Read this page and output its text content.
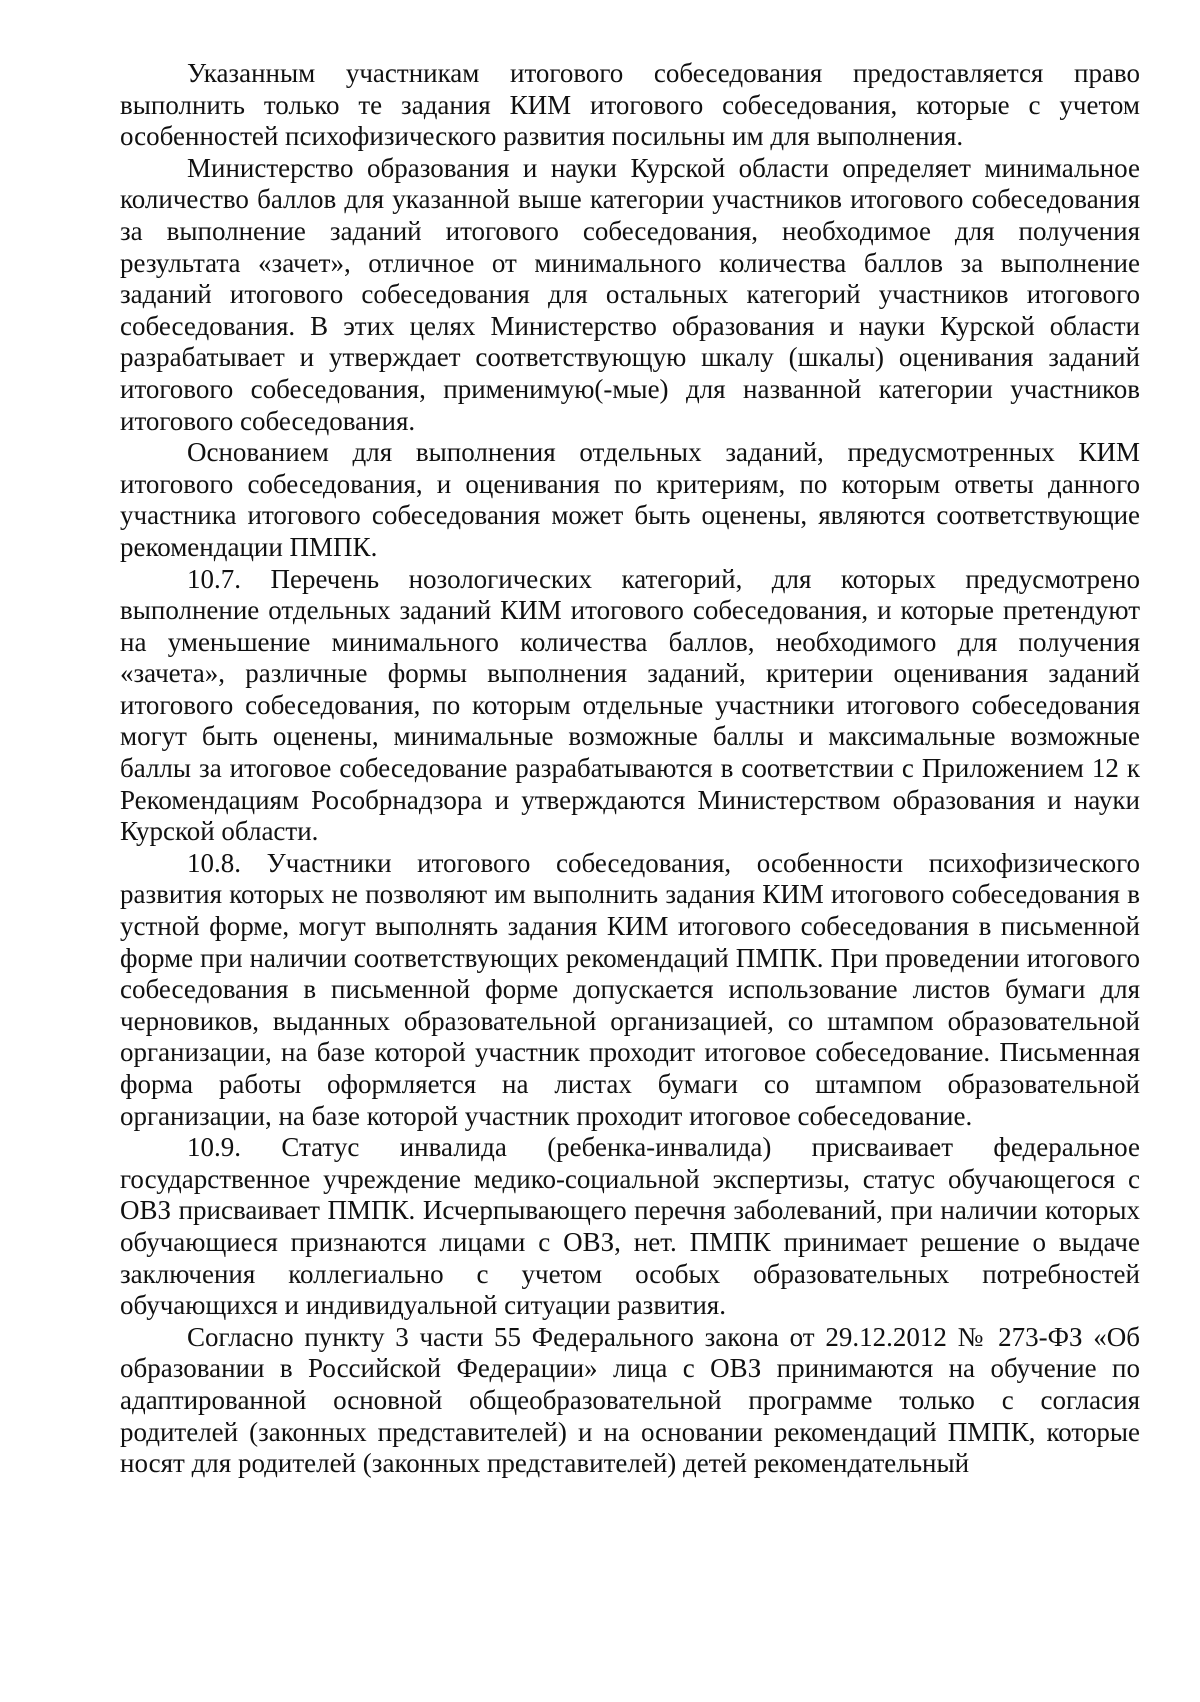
Указанным участникам итогового собеседования предоставляется право выполнить только те задания КИМ итогового собеседования, которые с учетом особенностей психофизического развития посильны им для выполнения.

Министерство образования и науки Курской области определяет минимальное количество баллов для указанной выше категории участников итогового собеседования за выполнение заданий итогового собеседования, необходимое для получения результата «зачет», отличное от минимального количества баллов за выполнение заданий итогового собеседования для остальных категорий участников итогового собеседования. В этих целях Министерство образования и науки Курской области разрабатывает и утверждает соответствующую шкалу (шкалы) оценивания заданий итогового собеседования, применимую(-мые) для названной категории участников итогового собеседования.

Основанием для выполнения отдельных заданий, предусмотренных КИМ итогового собеседования, и оценивания по критериям, по которым ответы данного участника итогового собеседования может быть оценены, являются соответствующие рекомендации ПМПК.

10.7. Перечень нозологических категорий, для которых предусмотрено выполнение отдельных заданий КИМ итогового собеседования, и которые претендуют на уменьшение минимального количества баллов, необходимого для получения «зачета», различные формы выполнения заданий, критерии оценивания заданий итогового собеседования, по которым отдельные участники итогового собеседования могут быть оценены, минимальные возможные баллы и максимальные возможные баллы за итоговое собеседование разрабатываются в соответствии с Приложением 12 к Рекомендациям Рособрнадзора и утверждаются Министерством образования и науки Курской области.

10.8. Участники итогового собеседования, особенности психофизического развития которых не позволяют им выполнить задания КИМ итогового собеседования в устной форме, могут выполнять задания КИМ итогового собеседования в письменной форме при наличии соответствующих рекомендаций ПМПК. При проведении итогового собеседования в письменной форме допускается использование листов бумаги для черновиков, выданных образовательной организацией, со штампом образовательной организации, на базе которой участник проходит итоговое собеседование. Письменная форма работы оформляется на листах бумаги со штампом образовательной организации, на базе которой участник проходит итоговое собеседование.

10.9. Статус инвалида (ребенка-инвалида) присваивает федеральное государственное учреждение медико-социальной экспертизы, статус обучающегося с ОВЗ присваивает ПМПК. Исчерпывающего перечня заболеваний, при наличии которых обучающиеся признаются лицами с ОВЗ, нет. ПМПК принимает решение о выдаче заключения коллегиально с учетом особых образовательных потребностей обучающихся и индивидуальной ситуации развития.

Согласно пункту 3 части 55 Федерального закона от 29.12.2012 № 273-ФЗ «Об образовании в Российской Федерации» лица с ОВЗ принимаются на обучение по адаптированной основной общеобразовательной программе только с согласия родителей (законных представителей) и на основании рекомендаций ПМПК, которые носят для родителей (законных представителей) детей рекомендательный
